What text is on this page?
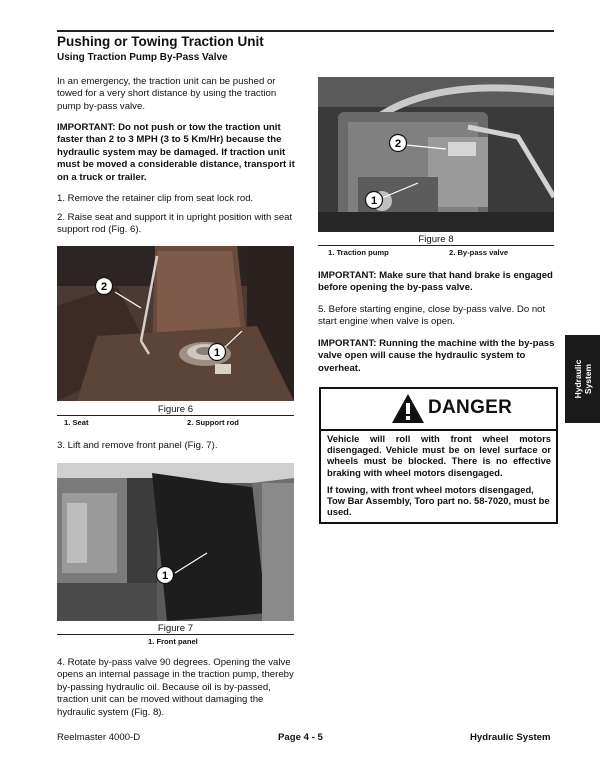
Pushing or Towing Traction Unit
Using Traction Pump By-Pass Valve
In an emergency, the traction unit can be pushed or towed for a very short distance by using the traction pump by-pass valve.
IMPORTANT: Do not push or tow the traction unit faster than 2 to 3 MPH (3 to 5 Km/Hr) because the hydraulic system may be damaged. If traction unit must be moved a considerable distance, transport it on a truck or trailer.
1. Remove the retainer clip from seat lock rod.
2. Raise seat and support it in upright position with seat support rod (Fig. 6).
2
1
Figure 6
1. Seat	2. Support rod
3. Lift and remove front panel (Fig. 7).
1
Figure 7
1. Front panel
4. Rotate by-pass valve 90 degrees. Opening the valve opens an internal passage in the traction pump, thereby by-passing hydraulic oil. Because oil is by-passed, traction unit can be moved without damaging the hydraulic system (Fig. 8).
2
1
Figure 8
1. Traction pump	2. By-pass valve
IMPORTANT: Make sure that hand brake is engaged before opening the by-pass valve.
5. Before starting engine, close by-pass valve. Do not start engine when valve is open.
IMPORTANT: Running the machine with the by-pass valve open will cause the hydraulic system to overheat.
DANGER
Vehicle will roll with front wheel motors disengaged. Vehicle must be on level surface or wheels must be blocked. There is no effective braking with wheel motors disengaged.
If towing, with front wheel motors disengaged, Tow Bar Assembly, Toro part no. 58-7020, must be used.
Hydraulic System
Reelmaster 4000-D	Page 4 - 5	Hydraulic System
